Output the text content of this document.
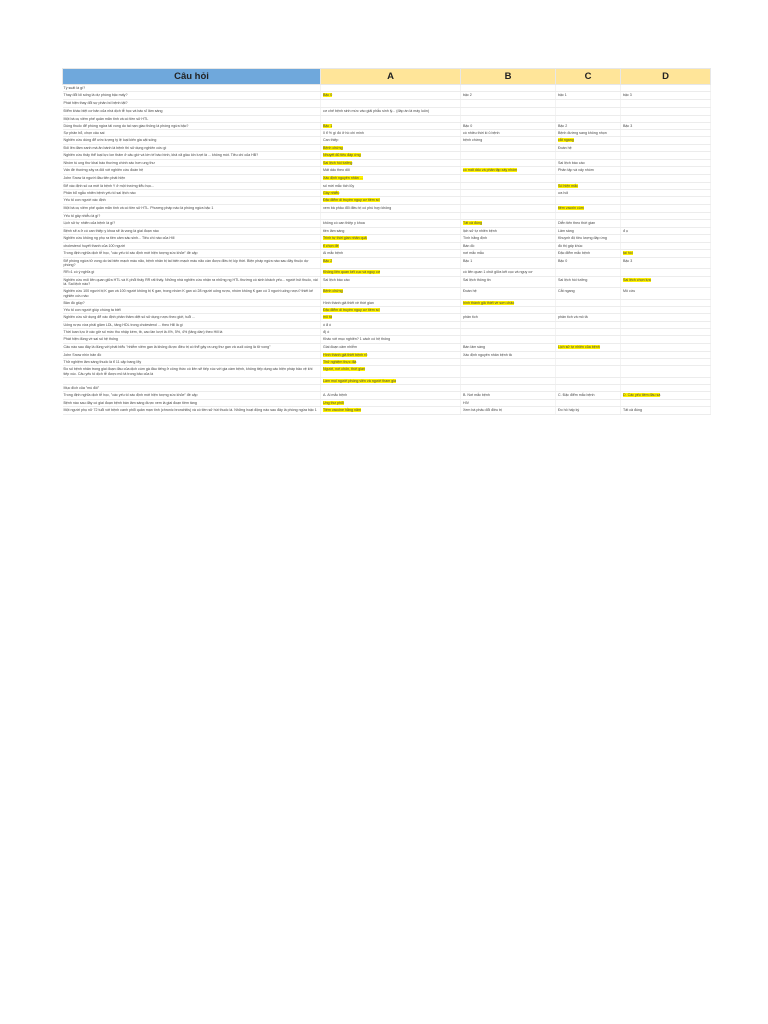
Câu hỏi	A	B	C	D
Tỷ suất là gì?				
Thay đổi lối sống là dự phòng bậc mấy?	Bậc 0	bậc 2	bậc 1	bậc 3
Phát hiện thay đổi sự phân bố bệnh tật?				
Điểm khác biệt cơ bản của nhà dịch tễ học và bác sĩ lâm sàng	cơ chế bệnh sinh mức vào giải phẫu sinh lý... (đáp án là máy luôn)			
Một bà cụ viêm phế quản mãn tính và có tiền sử HTL				
Dùng thuốc để phòng ngừa tái vong do tai nạn giao thông là phòng ngừa bậc?	Bậc 1	Bậc 0	Bậc 2	Bậc 3
Sự phân bổ, chọn câu sai	0 tỉ % gì đó ở hồ chí minh	có nhiều thời kì ủ bệnh	Bệnh đường sang không nhọn	
Nghiên cứu dùng để ước lượng tỷ lệ loại kiến gia cật sống	Can thiệp	bệnh chứng	cắt ngang	
Đối lên đám xanh mà ăn bánh là bệnh thì sử dụng nghiên cứu gì	Bệnh chứng		Đoàn hệ	
Nghiên cứu thấy thể loại lực lon thấm ở câu giờ và lớn tế bào bình, khả xã giàu lốn lượt là ... không mót. Tiêu chí của HB?	Nhuyết đủ tiêu đáp ứng			
Nhóm tù ung thư khai báo thường chính xác hơn ung thư	Sai lệch hồi tưởng		Sai lệch báo cáo	
Vấn đề thường xảy ra đối với nghiên cứu đoàn hệ	Mất dấu theo dõi	có mất dấu và phân tập xấy nhóm	Phân tập và xấy nhóm	
John Snow là người đầu tiên phát hiện	Xác định nguyên nhân ...			
Để xác định số ca mới là bệnh Y ở một trường tiểu học...	số mới mắc tích lũy		Số hiện mắc	
Phân bổ ngẫu nhiên bệnh yếu tố sai lệch nào	Gây nhiễu		ưa hối	
Yếu tố con người xác định	Đặc điểm di truyền nguy cơ tiềm số			
Một bà cụ viêm phế quản mãn tính và có tiền sử HTL. Phương pháp nào là phòng ngừa bậc 1	xem bà phảu đổi điều trị có phù hợp không		tiêm vacxin cúm	
Yếu tố gây nhiễu là gì?				
Lịch sử tự nhiên của bệnh là gì?	không có can thiệp y khoa	Tất cả đúng	Diễn tiến theo thời gian	
Bệnh sẽ a ở có can thiệp y khoa sẽ là vong là giai đoạn nào	tiền lâm sàng	lịch sử tự nhiên bệnh	Lâm sàng	đ ụ
Nghiên cứu không ng phụ ra tiền cảm sàu sinh... Tiêu chí nào của Hill	Trình tự thời gian nhân quả	Tính hằng định	Khuynh độ tiều lượng đáp ứng	
cholesterol huyết thanh của 100 người	tỉ chọn đề	Bán đồ	đồ thị gấp khúc	
Trong định nghĩa dịch tễ học, "các yếu tố xác định mới hiện tượng sức khỏe" đề cập	Ai mắc bệnh	nơi mắc mẫu	Đặc điểm mắc bệnh	tai hồi
Để phòng ngừa tử vong do tai biến mạch máu não, bệnh nhân bị tai biến mạch máu não cần được điều trị kịp thời. Biện pháp ngừa nào sau đây thuộc dự phòng?	Bậc 2	Bậc 1	Bậc 0	Bậc 3
RR=1 có ý nghĩa gì	Không liên quan kết cục và nguy cơ	có liên quan 1 chút giữa kết cục và nguy cơ		
Nghiên cứu mối liên quan giữa HTL và K phổi thấy RR rất thấy. Những nhà nghiên cứu nhận ra những ng HTL thường có sinh khách yếu... người hút thuốc, vài lá. Sai lệch nào?	Sai lệch báo cáo	Sai lệch thông tin	Sai lệch hồi tưởng	Sai lệch chọn lựa
Nghiên cứu 100 người bị K gan và 100 người không bị K gan, trong nhóm K gan có 28 người uống rượu, nhóm không K gan có 3 người uống rượu? thiết kế nghiên cứu nào	Bệnh chứng	Đoàn hệ	Cắt ngang	Mô cứu
Bản đồ giúp?	Hình thành giả thiết về thời gian	hình thành giả thiết về sơn chảo		
Yếu tố con người giúp chúng ta biết	Đặc điểm di truyền nguy cơ tiềm số			
Nghiên cứu sử dụng để xác định phân thâm diệt số sử dụng rượu theo giới, tuổi ...	mô tả	phân tích	phân tích và mô tả	
Uống rượu vừa phải giảm LDL, tăng HDL trong cholesterol ... theo Hill là gì	ó ẩ ó			
Thời loan lựu ở các giờ số mức thu nhập kém, tb, cao lần lượt là 4%, 5%, 4% (tăng dần) theo Hill là	đ) ó			
Phát hiện đúng về sai số hệ thống	Khác với mục nghiên? 1 cách có hệ thống			
Câu nào sau đây là đúng với phát biểu "nhiễm viêm gan là không được điều trị có thể gây ra ung thư gan và cuối cùng là tử vong"	Giai đoạn cảm nhiễm	Bán lâm sàng	Lịch sử tự nhiên của bệnh	
John Snow nhìn bản đồ	Hình thành giả thiết bệnh rõ	Xác định nguyên nhân bệnh tả		
Thử nghiệm lâm sàng thuốc là tỉ 11 cặp bang My	Thử nghiệm thực địa			
Đo số bệnh nhân trong giai đoạn đầu của dịch cúm gà đầu tiếng ở công thức có liên sẽ tiếp xúc với gia cầm bệnh, không tiếp dụng các biện pháp bảo vệ khi tiếp xúc. Câu yếu tố dịch tễ được mô tả trong bảo của là	Người, nơi chốn, thời gian			
	Làm mọi người phòng viên và người tham gia			
Mục đích của "mù đôi"				
Trong định nghĩa dịch tễ học, "các yếu tố xác định mới hiện tượng sức khỏe" đề cập	A. Ai mắc bệnh	B. Nơi mắc bệnh	C. Đặc điểm mắc bệnh	D. Các yếu tiềm đầu sa
Bệnh nào sau đây có giai đoạn bệnh bán lâm sàng được xem là giai đoạn tiềm tàng	Ung thư phổi	HIV		
Một người phụ nữ 72 tuổi với bệnh canh phổi quản mạn tính (chronic bronchitis) và có tiền sử hút thuốc lá. Những hoạt động nào sau đây là phòng ngừa bậc 1	Tiêm vaccine hằng năm	Xem bà phảu đổi điều trị	Đo hô hấp ký	Tất cả đúng
